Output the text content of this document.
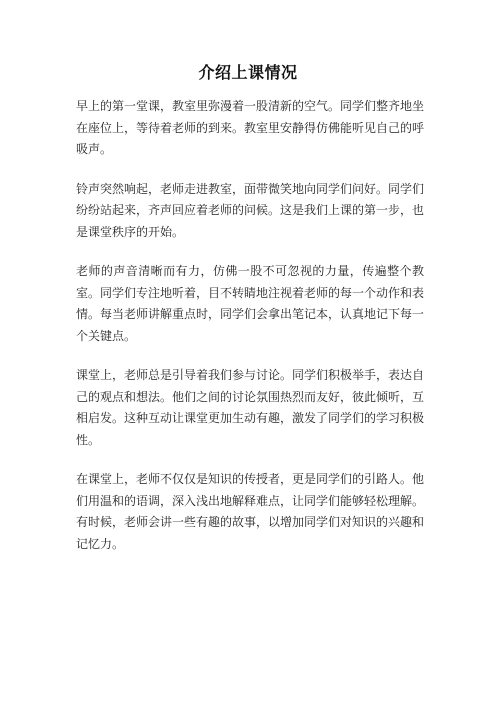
介绍上课情况

早上的第一堂课，教室里弥漫着一股清新的空气。同学们整齐地坐在座位上，等待着老师的到来。教室里安静得仿佛能听见自己的呼吸声。

铃声突然响起，老师走进教室，面带微笑地向同学们问好。同学们纷纷站起来，齐声回应着老师的问候。这是我们上课的第一步，也是课堂秩序的开始。

老师的声音清晰而有力，仿佛一股不可忽视的力量，传遍整个教室。同学们专注地听着，目不转睛地注视着老师的每一个动作和表情。每当老师讲解重点时，同学们会拿出笔记本，认真地记下每一个关键点。

课堂上，老师总是引导着我们参与讨论。同学们积极举手，表达自己的观点和想法。他们之间的讨论氛围热烈而友好，彼此倾听，互相启发。这种互动让课堂更加生动有趣，激发了同学们的学习积极性。

在课堂上，老师不仅仅是知识的传授者，更是同学们的引路人。他们用温和的语调，深入浅出地解释难点，让同学们能够轻松理解。有时候，老师会讲一些有趣的故事，以增加同学们对知识的兴趣和记忆力。
